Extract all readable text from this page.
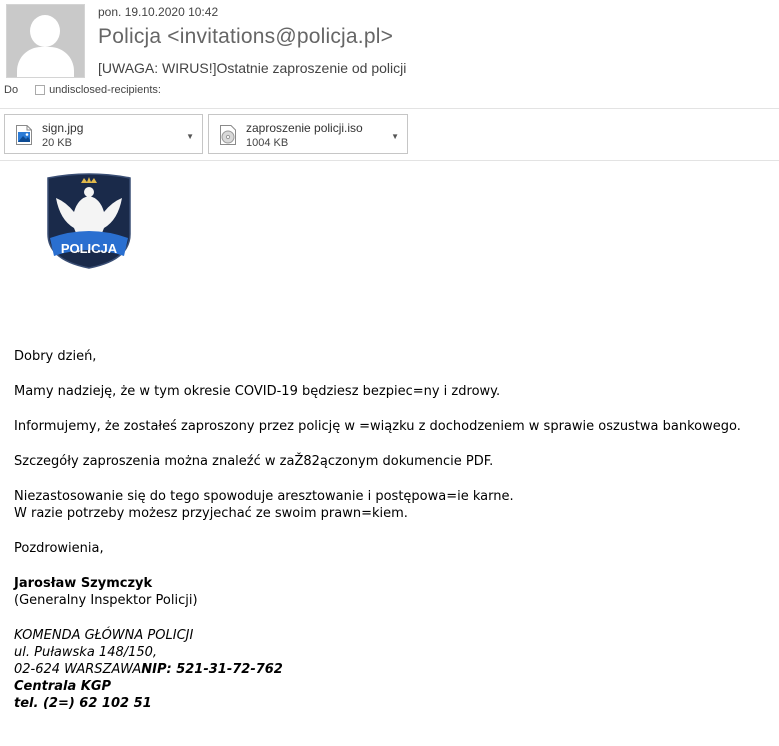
pon. 19.10.2020 10:42
Policja <invitations@policja.pl>
[UWAGA: WIRUS!]Ostatnie zaproszenie od policji
Do	undisclosed-recipients:
sign.jpg
20 KB
▼
zaproszenie policji.iso
1004 KB
▼
POLICJA

Dobry dzień,

Mamy nadzieję, że w tym okresie COVID-19 będziesz bezpiec=ny i zdrowy.

Informujemy, że zostałeś zaproszony przez policję w =wiązku z dochodzeniem w sprawie oszustwa bankowego.

Szczegóły zaproszenia można znaleźć w zaŽ82ączonym dokumencie PDF.

Niezastosowanie się do tego spowoduje aresztowanie i postępowa=ie karne.

W razie potrzeby możesz przyjechać ze swoim prawn=kiem.

Pozdrowienia,

Jarosław Szymczyk

(Generalny Inspektor Policji)

KOMENDA GŁÓWNA POLICJI

ul. Puławska 148/150,

02-624 WARSZAWANIP: 521-31-72-762

Centrala KGP

tel. (2=) 62 102 51
